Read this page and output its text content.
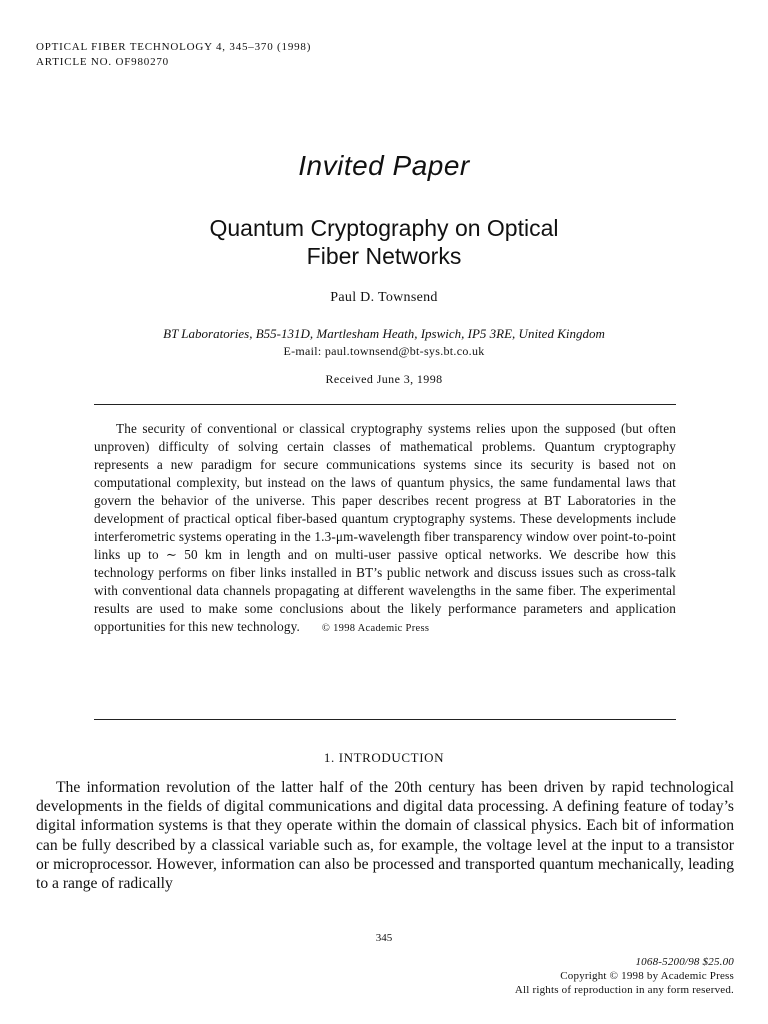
OPTICAL FIBER TECHNOLOGY 4, 345–370 (1998)
ARTICLE NO. OF980270
Invited Paper
Quantum Cryptography on Optical
Fiber Networks
Paul D. Townsend
BT Laboratories, B55-131D, Martlesham Heath, Ipswich, IP5 3RE, United Kingdom
E-mail: paul.townsend@bt-sys.bt.co.uk
Received June 3, 1998

The security of conventional or classical cryptography systems relies upon the supposed (but often unproven) difficulty of solving certain classes of mathematical problems. Quantum cryptography represents a new paradigm for secure communications systems since its security is based not on computational complexity, but instead on the laws of quantum physics, the same fundamental laws that govern the behavior of the universe. This paper describes recent progress at BT Laboratories in the development of practical optical fiber-based quantum cryptography systems. These developments include interferometric systems operating in the 1.3-μm-wavelength fiber transparency window over point-to-point links up to ∼ 50 km in length and on multi-user passive optical networks. We describe how this technology performs on fiber links installed in BT’s public network and discuss issues such as cross-talk with conventional data channels propagating at different wavelengths in the same fiber. The experimental results are used to make some conclusions about the likely performance parameters and application opportunities for this new technology. © 1998 Academic Press

1. INTRODUCTION

The information revolution of the latter half of the 20th century has been driven by rapid technological developments in the fields of digital communications and digital data processing. A defining feature of today’s digital information systems is that they operate within the domain of classical physics. Each bit of information can be fully described by a classical variable such as, for example, the voltage level at the input to a transistor or microprocessor. However, information can also be processed and transported quantum mechanically, leading to a range of radically

345
1068-5200/98 $25.00
Copyright © 1998 by Academic Press
All rights of reproduction in any form reserved.
